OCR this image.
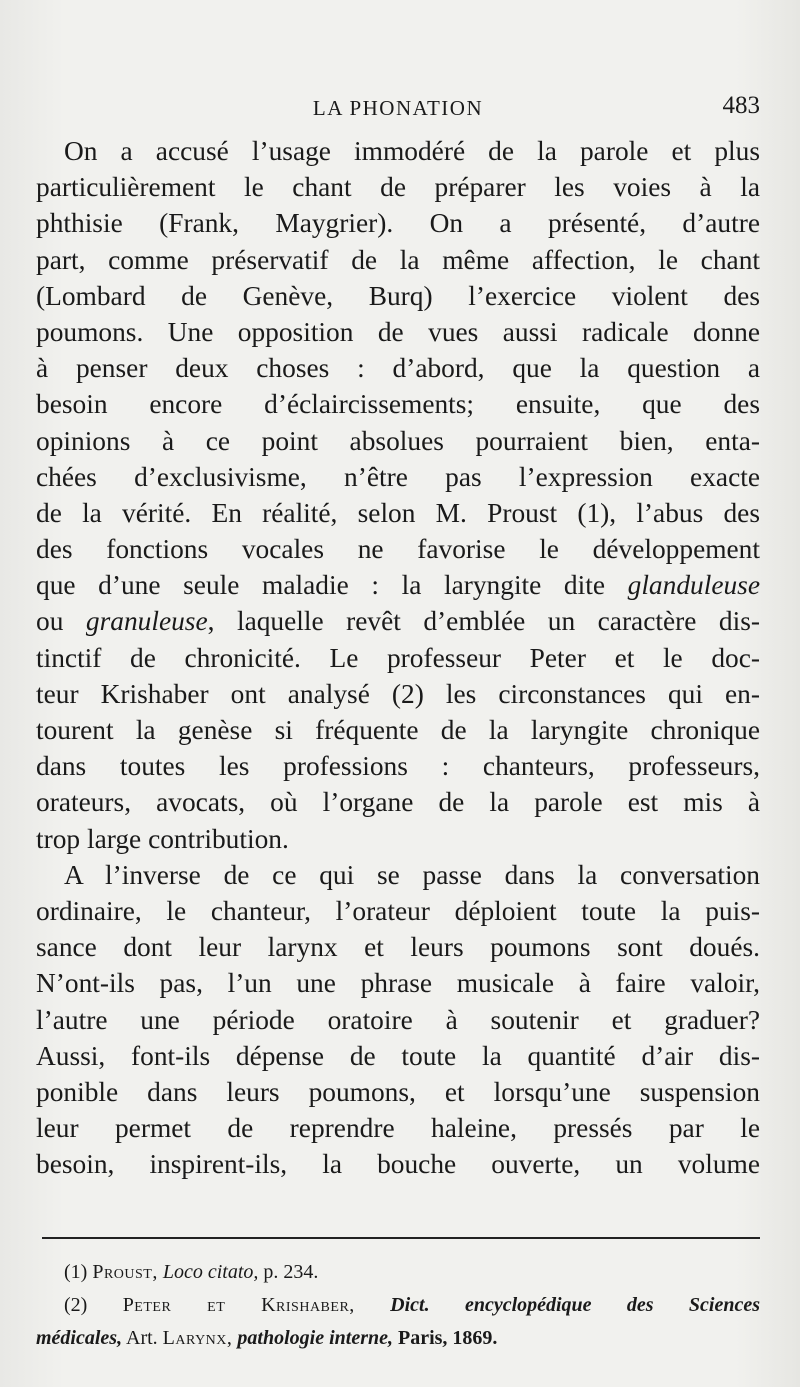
LA PHONATION	483
On a accusé l’usage immodéré de la parole et plus
particulièrement le chant de préparer les voies à la
phthisie (Frank, Maygrier). On a présenté, d’autre
part, comme préservatif de la même affection, le chant
(Lombard de Genève, Burq) l’exercice violent des
poumons. Une opposition de vues aussi radicale donne
à penser deux choses : d’abord, que la question a
besoin encore d’éclaircissements; ensuite, que des
opinions à ce point absolues pourraient bien, enta-
chées d’exclusivisme, n’être pas l’expression exacte
de la vérité. En réalité, selon M. Proust (1), l’abus des
des fonctions vocales ne favorise le développement
que d’une seule maladie : la laryngite dite glanduleuse
ou granuleuse, laquelle revêt d’emblée un caractère dis-
tinctif de chronicité. Le professeur Peter et le doc-
teur Krishaber ont analysé (2) les circonstances qui en-
tourent la genèse si fréquente de la laryngite chronique
dans toutes les professions : chanteurs, professeurs,
orateurs, avocats, où l’organe de la parole est mis à
trop large contribution.
A l’inverse de ce qui se passe dans la conversation
ordinaire, le chanteur, l’orateur déploient toute la puis-
sance dont leur larynx et leurs poumons sont doués.
N’ont-ils pas, l’un une phrase musicale à faire valoir,
l’autre une période oratoire à soutenir et graduer?
Aussi, font-ils dépense de toute la quantité d’air dis-
ponible dans leurs poumons, et lorsqu’une suspension
leur permet de reprendre haleine, pressés par le
besoin, inspirent-ils, la bouche ouverte, un volume
(1) Proust, Loco citato, p. 234.
(2) Peter et Krishaber, Dict. encyclopédique des Sciences
médicales, Art. Larynx, pathologie interne, Paris, 1869.
